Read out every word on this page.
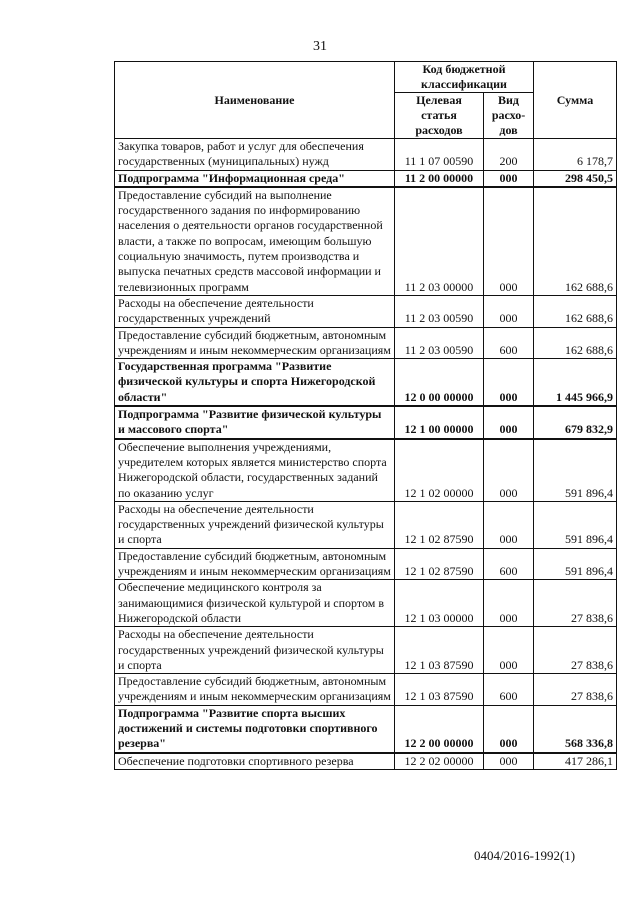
31
Наименование	Код бюджетной классификации		Сумма
	Целевая статья расходов	Вид расхо-дов	
Закупка товаров, работ и услуг для обеспечения государственных (муниципальных) нужд	11 1 07 00590	200	6 178,7
Подпрограмма "Информационная среда"	11 2 00 00000	000	298 450,5
Предоставление субсидий на выполнение государственного задания по информированию населения о деятельности органов государственной власти, а также по вопросам, имеющим большую социальную значимость, путем производства и выпуска печатных средств массовой информации и телевизионных программ	11 2 03 00000	000	162 688,6
Расходы на обеспечение деятельности государственных учреждений	11 2 03 00590	000	162 688,6
Предоставление субсидий бюджетным, автономным учреждениям и иным некоммерческим организациям	11 2 03 00590	600	162 688,6
Государственная программа "Развитие физической культуры и спорта Нижегородской области"	12 0 00 00000	000	1 445 966,9
Подпрограмма "Развитие физической культуры и массового спорта"	12 1 00 00000	000	679 832,9
Обеспечение выполнения учреждениями, учредителем которых является министерство спорта Нижегородской области, государственных заданий по оказанию услуг	12 1 02 00000	000	591 896,4
Расходы на обеспечение деятельности государственных учреждений физической культуры и спорта	12 1 02 87590	000	591 896,4
Предоставление субсидий бюджетным, автономным учреждениям и иным некоммерческим организациям	12 1 02 87590	600	591 896,4
Обеспечение медицинского контроля за занимающимися физической культурой и спортом в Нижегородской области	12 1 03 00000	000	27 838,6
Расходы на обеспечение деятельности государственных учреждений физической культуры и спорта	12 1 03 87590	000	27 838,6
Предоставление субсидий бюджетным, автономным учреждениям и иным некоммерческим организациям	12 1 03 87590	600	27 838,6
Подпрограмма "Развитие спорта высших достижений и системы подготовки спортивного резерва"	12 2 00 00000	000	568 336,8
Обеспечение подготовки спортивного резерва	12 2 02 00000	000	417 286,1
0404/2016-1992(1)
